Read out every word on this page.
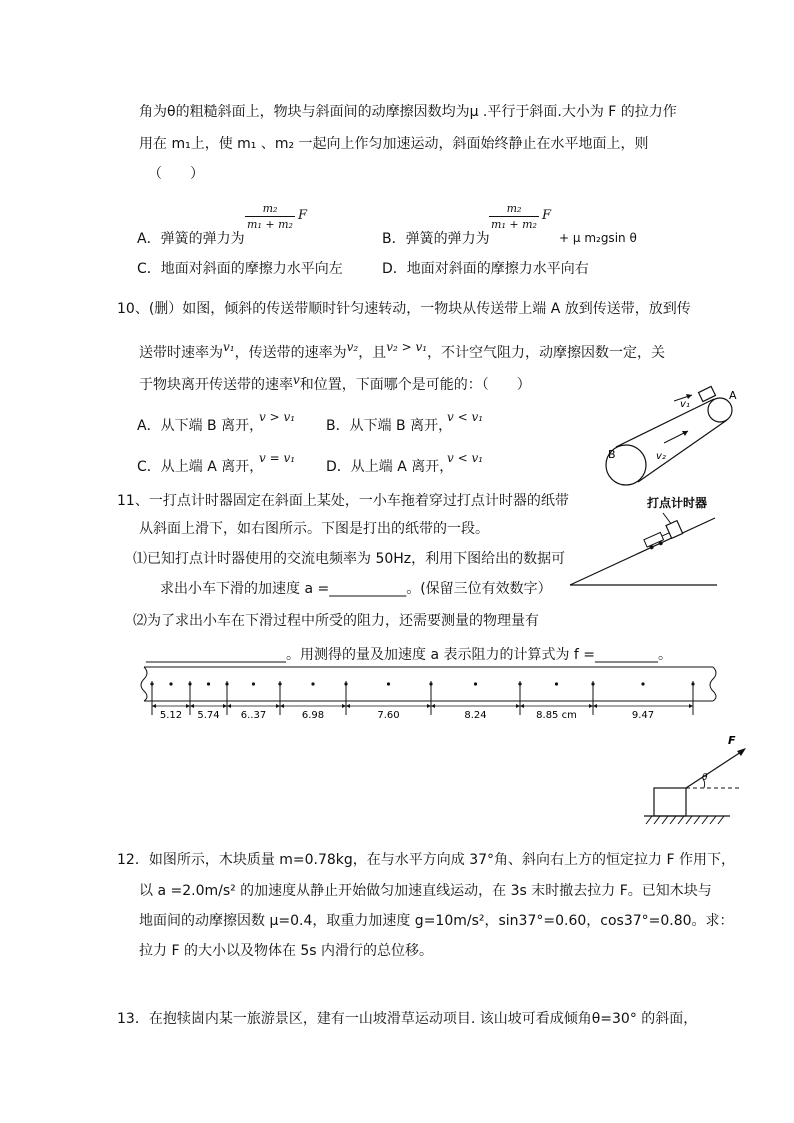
角为θ的粗糙斜面上，物块与斜面间的动摩擦因数均为μ .平行于斜面.大小为 F 的拉力作
用在 m₁上，使 m₁ 、m₂ 一起向上作匀加速运动，斜面始终静止在水平地面上，则
（　　）
A．弹簧的弹力为
m₂
m₁ + m₂
F
B．弹簧的弹力为
m₂
m₁ + m₂
F
+ μ m₂gsin θ
C．地面对斜面的摩擦力水平向左	D．地面对斜面的摩擦力水平向右
10、(删）如图，倾斜的传送带顺时针匀速转动，一物块从传送带上端 A 放到传送带，放到传
送带时速率为v₁，传送带的速率为v₂，且v₂ > v₁，不计空气阻力，动摩擦因数一定，关
于物块离开传送带的速率v和位置，下面哪个是可能的：（　　）
A．从下端 B 离开，
v > v₁
B．从下端 B 离开，
v < v₁
C．从上端 A 离开，
v = v₁
D．从上端 A 离开，
v < v₁
A
B
v₁
v₂
11、一打点计时器固定在斜面上某处，一小车拖着穿过打点计时器的纸带
从斜面上滑下，如右图所示。下图是打出的纸带的一段。
⑴已知打点计时器使用的交流电频率为 50Hz，利用下图给出的数据可
求出小车下滑的加速度 a =___________。(保留三位有效数字）
⑵为了求出小车在下滑过程中所受的阻力，还需要测量的物理量有
____________________。用测得的量及加速度 a 表示阻力的计算式为 f =_________。
打点计时器
5.12 5.74 6..37	6.98	7.60	8.24	8.85 cm	9.47
F
θ
12．如图所示，木块质量 m=0.78kg，在与水平方向成 37°角、斜向右上方的恒定拉力 F 作用下，
以 a =2.0m/s² 的加速度从静止开始做匀加速直线运动，在 3s 末时撤去拉力 F。已知木块与
地面间的动摩擦因数 μ=0.4，取重力加速度 g=10m/s²，sin37°=0.60，cos37°=0.80。求：
拉力 F 的大小以及物体在 5s 内滑行的总位移。
13．在抱犊崮内某一旅游景区，建有一山坡滑草运动项目. 该山坡可看成倾角θ=30° 的斜面，
